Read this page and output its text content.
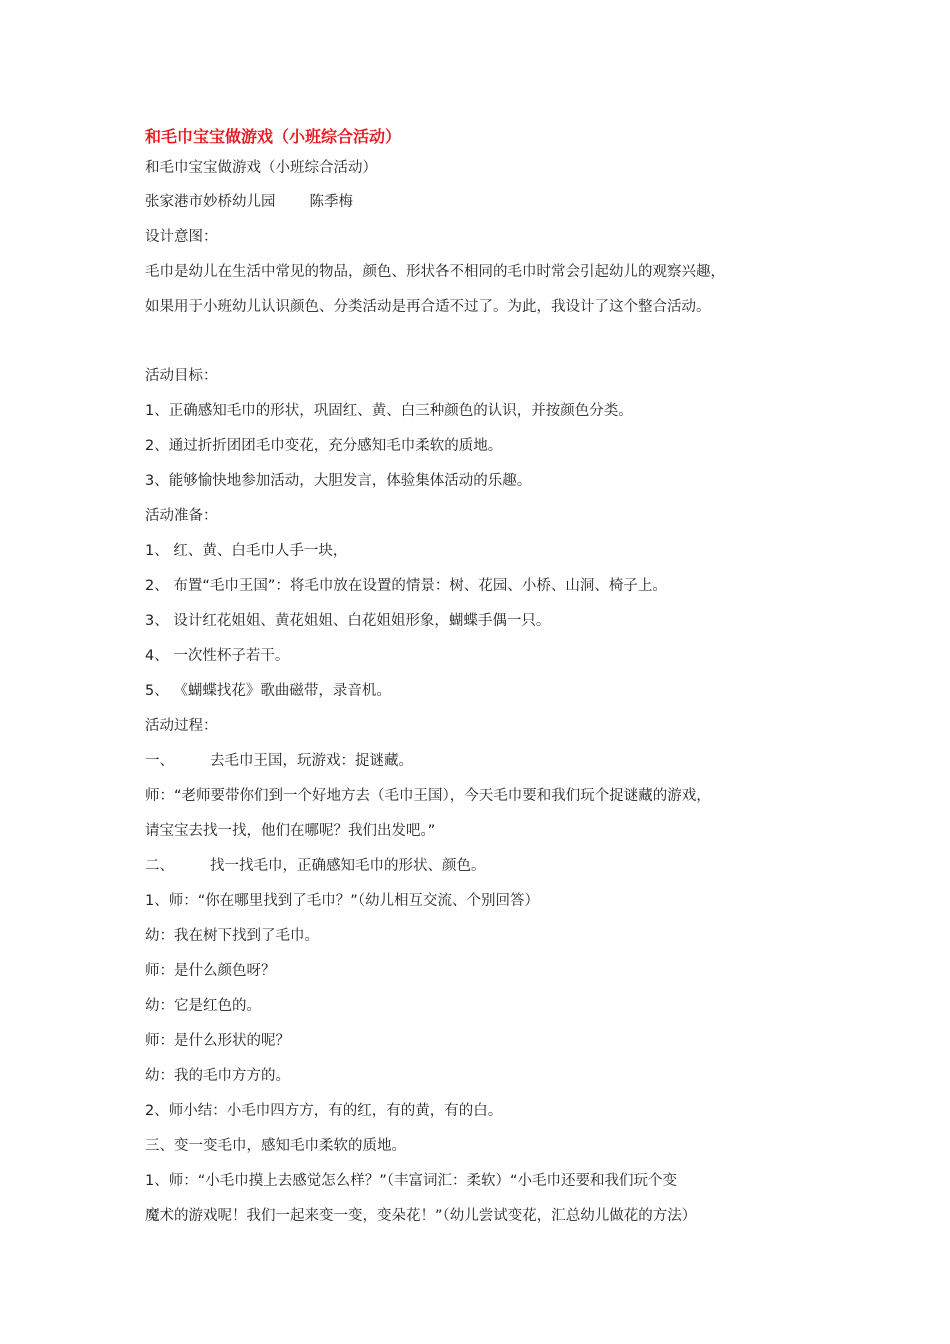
和毛巾宝宝做游戏（小班综合活动）
和毛巾宝宝做游戏（小班综合活动）
张家港市妙桥幼儿园 陈季梅
设计意图：
毛巾是幼儿在生活中常见的物品，颜色、形状各不相同的毛巾时常会引起幼儿的观察兴趣，
如果用于小班幼儿认识颜色、分类活动是再合适不过了。为此，我设计了这个整合活动。
活动目标：
1、正确感知毛巾的形状，巩固红、黄、白三种颜色的认识，并按颜色分类。
2、通过折折团团毛巾变花，充分感知毛巾柔软的质地。
3、能够愉快地参加活动，大胆发言，体验集体活动的乐趣。
活动准备：
1、 红、黄、白毛巾人手一块，
2、 布置“毛巾王国”：将毛巾放在设置的情景：树、花园、小桥、山洞、椅子上。
3、 设计红花姐姐、黄花姐姐、白花姐姐形象，蝴蝶手偶一只。
4、 一次性杯子若干。
5、 《蝴蝶找花》歌曲磁带，录音机。
活动过程：
一、 去毛巾王国，玩游戏：捉谜藏。
师：“老师要带你们到一个好地方去（毛巾王国），今天毛巾要和我们玩个捉谜藏的游戏，
请宝宝去找一找，他们在哪呢？我们出发吧。”
二、 找一找毛巾，正确感知毛巾的形状、颜色。
1、师：“你在哪里找到了毛巾？”（幼儿相互交流、个别回答）
幼：我在树下找到了毛巾。
师：是什么颜色呀？
幼：它是红色的。
师：是什么形状的呢？
幼：我的毛巾方方的。
2、师小结：小毛巾四方方，有的红，有的黄，有的白。
三、变一变毛巾，感知毛巾柔软的质地。
1、师：“小毛巾摸上去感觉怎么样？”（丰富词汇：柔软）“小毛巾还要和我们玩个变
魔术的游戏呢！我们一起来变一变，变朵花！”（幼儿尝试变花，汇总幼儿做花的方法）
